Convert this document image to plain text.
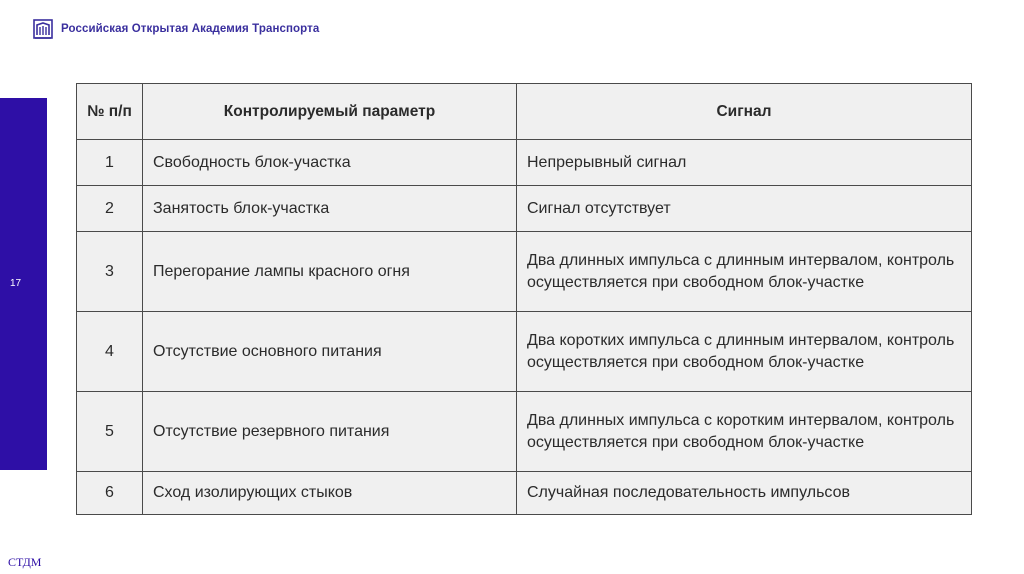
Российская Открытая Академия Транспорта
17
№ п/п	Контролируемый параметр	Сигнал
1	Свободность блок-участка	Непрерывный сигнал
2	Занятость блок-участка	Сигнал отсутствует
3	Перегорание лампы красного огня	Два длинных импульса с длинным интервалом, контроль осуществляется при свободном блок-участке
4	Отсутствие основного питания	Два коротких импульса с длинным интервалом, контроль осуществляется при свободном блок-участке
5	Отсутствие резервного питания	Два длинных импульса с коротким интервалом, контроль осуществляется при свободном блок-участке
6	Сход изолирующих стыков	Случайная последовательность импульсов
СТДМ
